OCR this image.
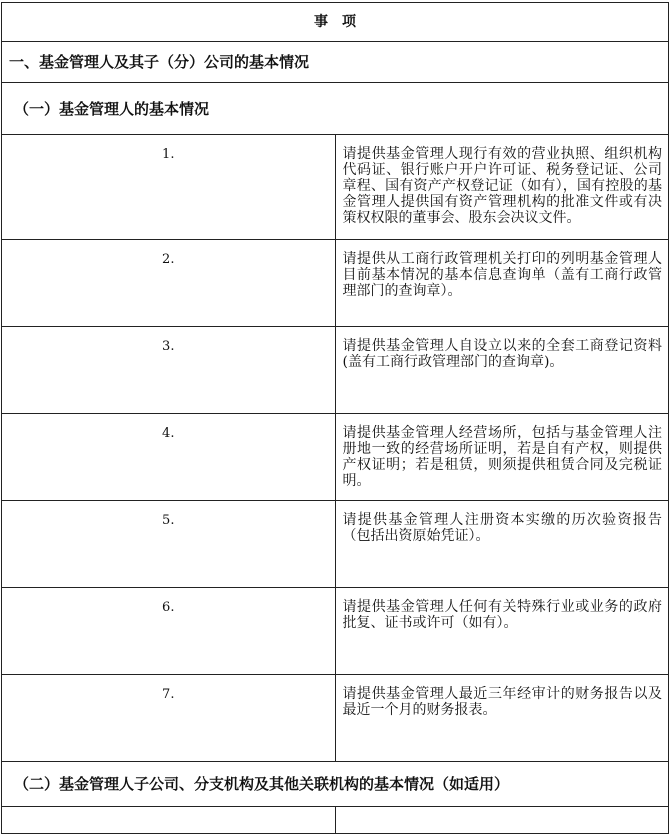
事项	
一、基金管理人及其子（分）公司的基本情况	
（一）基金管理人的基本情况	
1.	请提供基金管理人现行有效的营业执照、组织机构代码证、银行账户开户许可证、税务登记证、公司章程、国有资产产权登记证（如有），国有控股的基金管理人提供国有资产管理机构的批准文件或有决策权权限的董事会、股东会决议文件。
2.	请提供从工商行政管理机关打印的列明基金管理人目前基本情况的基本信息查询单（盖有工商行政管理部门的查询章）。
3.	请提供基金管理人自设立以来的全套工商登记资料(盖有工商行政管理部门的查询章)。
4.	请提供基金管理人经营场所，包括与基金管理人注册地一致的经营场所证明，若是自有产权，则提供产权证明；若是租赁，则须提供租赁合同及完税证明。
5.	请提供基金管理人注册资本实缴的历次验资报告（包括出资原始凭证）。
6.	请提供基金管理人任何有关特殊行业或业务的政府批复、证书或许可（如有）。
7.	请提供基金管理人最近三年经审计的财务报告以及最近一个月的财务报表。
（二）基金管理人子公司、分支机构及其他关联机构的基本情况（如适用）	
